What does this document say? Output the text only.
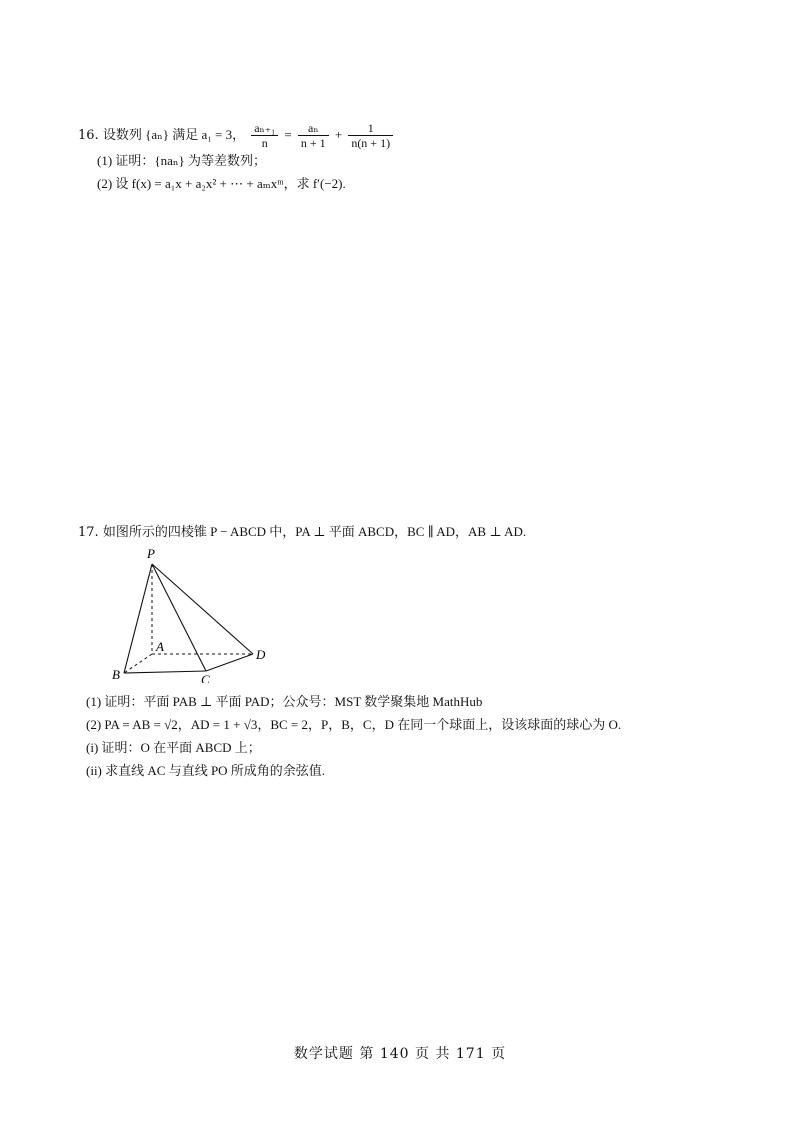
16. 设数列 {aₙ} 满足 a₁ = 3， $\frac{\text{aₙ₊₁}}{n} = \frac{\text{aₙ}}{n + 1} + \frac{1}{n(n + 1)}$
(1) 证明：{naₙ} 为等差数列；
(2) 设 f(x) = a₁x + a₂x² + ⋯ + aₘxᵐ，求 f′(−2).
17. 如图所示的四棱锥 P − ABCD 中，PA ⊥ 平面 ABCD，BC ∥ AD，AB ⊥ AD.
P
A
B	C
D
(1) 证明：平面 PAB ⊥ 平面 PAD；公众号：MST 数学聚集地 MathHub
(2) PA = AB = √2，AD = 1 + √3，BC = 2，P，B，C，D 在同一个球面上，设该球面的球心为 O.
(i) 证明：O 在平面 ABCD 上；
(ii) 求直线 AC 与直线 PO 所成角的余弦值.
数学试题 第 140 页 共 171 页
